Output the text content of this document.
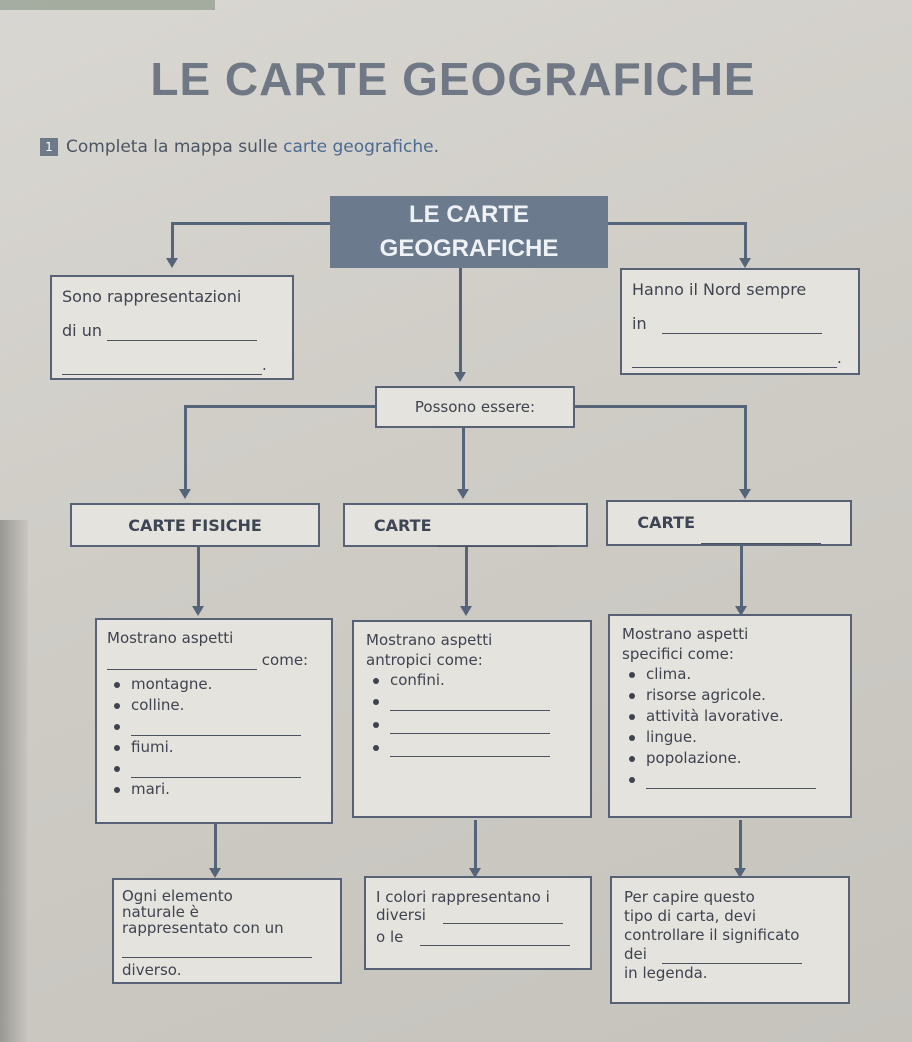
LE CARTE GEOGRAFICHE
1 Completa la mappa sulle carte geografiche.
LE CARTE
GEOGRAFICHE
Sono rappresentazioni
di un
.
Hanno il Nord sempre
in
.
Possono essere:
CARTE FISICHE	CARTE	CARTE
Mostrano aspetti
come:
montagne.
colline.
fiumi.
mari.
Mostrano aspetti
antropici come:
confini.
Mostrano aspetti
specifici come:
clima.
risorse agricole.
attività lavorative.
lingue.
popolazione.
Ogni elemento
naturale è
rappresentato con un
diverso.
I colori rappresentano i
diversi
o le
Per capire questo
tipo di carta, devi
controllare il significato
dei
in legenda.
